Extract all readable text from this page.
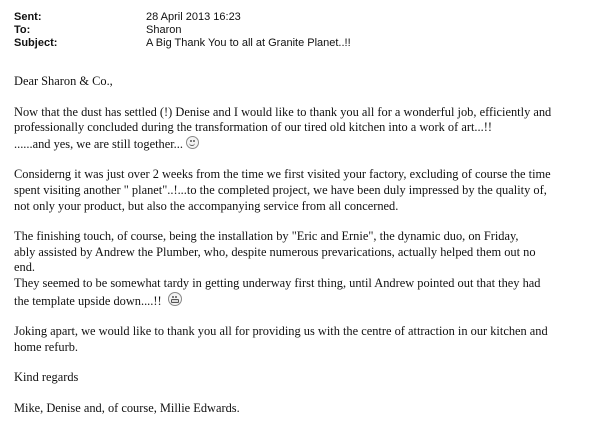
Sent:	28 April 2013 16:23
To:	Sharon
Subject:	A Big Thank You to all at Granite Planet..!!

Dear Sharon & Co.,

Now that the dust has settled (!) Denise and I would like to thank you all for a wonderful job, efficiently and
professionally concluded during the transformation of our tired old kitchen into a work of art...!!
......and yes, we are still together...

Considerng it was just over 2 weeks from the time we first visited your factory, excluding of course the time
spent visiting another " planet"..!...to the completed project, we have been duly impressed by the quality of,
not only your product, but also the accompanying service from all concerned.

The finishing touch, of course, being the installation by "Eric and Ernie", the dynamic duo, on Friday,
ably assisted by Andrew the Plumber, who, despite numerous prevarications, actually helped them out no
end.
They seemed to be somewhat tardy in getting underway first thing, until Andrew pointed out that they had
the template upside down....!!

Joking apart, we would like to thank you all for providing us with the centre of attraction in our kitchen and
home refurb.

Kind regards

Mike, Denise and, of course, Millie Edwards.
